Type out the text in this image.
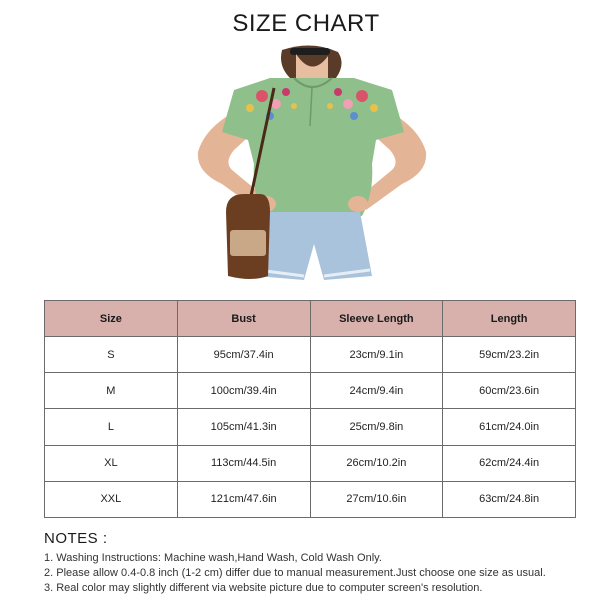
SIZE CHART
Size	Bust	Sleeve Length	Length
S	95cm/37.4in	23cm/9.1in	59cm/23.2in
M	100cm/39.4in	24cm/9.4in	60cm/23.6in
L	105cm/41.3in	25cm/9.8in	61cm/24.0in
XL	113cm/44.5in	26cm/10.2in	62cm/24.4in
XXL	121cm/47.6in	27cm/10.6in	63cm/24.8in
NOTES :
1. Washing Instructions: Machine wash,Hand Wash, Cold Wash Only.
2. Please allow 0.4-0.8 inch (1-2 cm) differ due to manual measurement.Just choose one size as usual.
3. Real color may slightly different via website picture due to computer screen's resolution.
